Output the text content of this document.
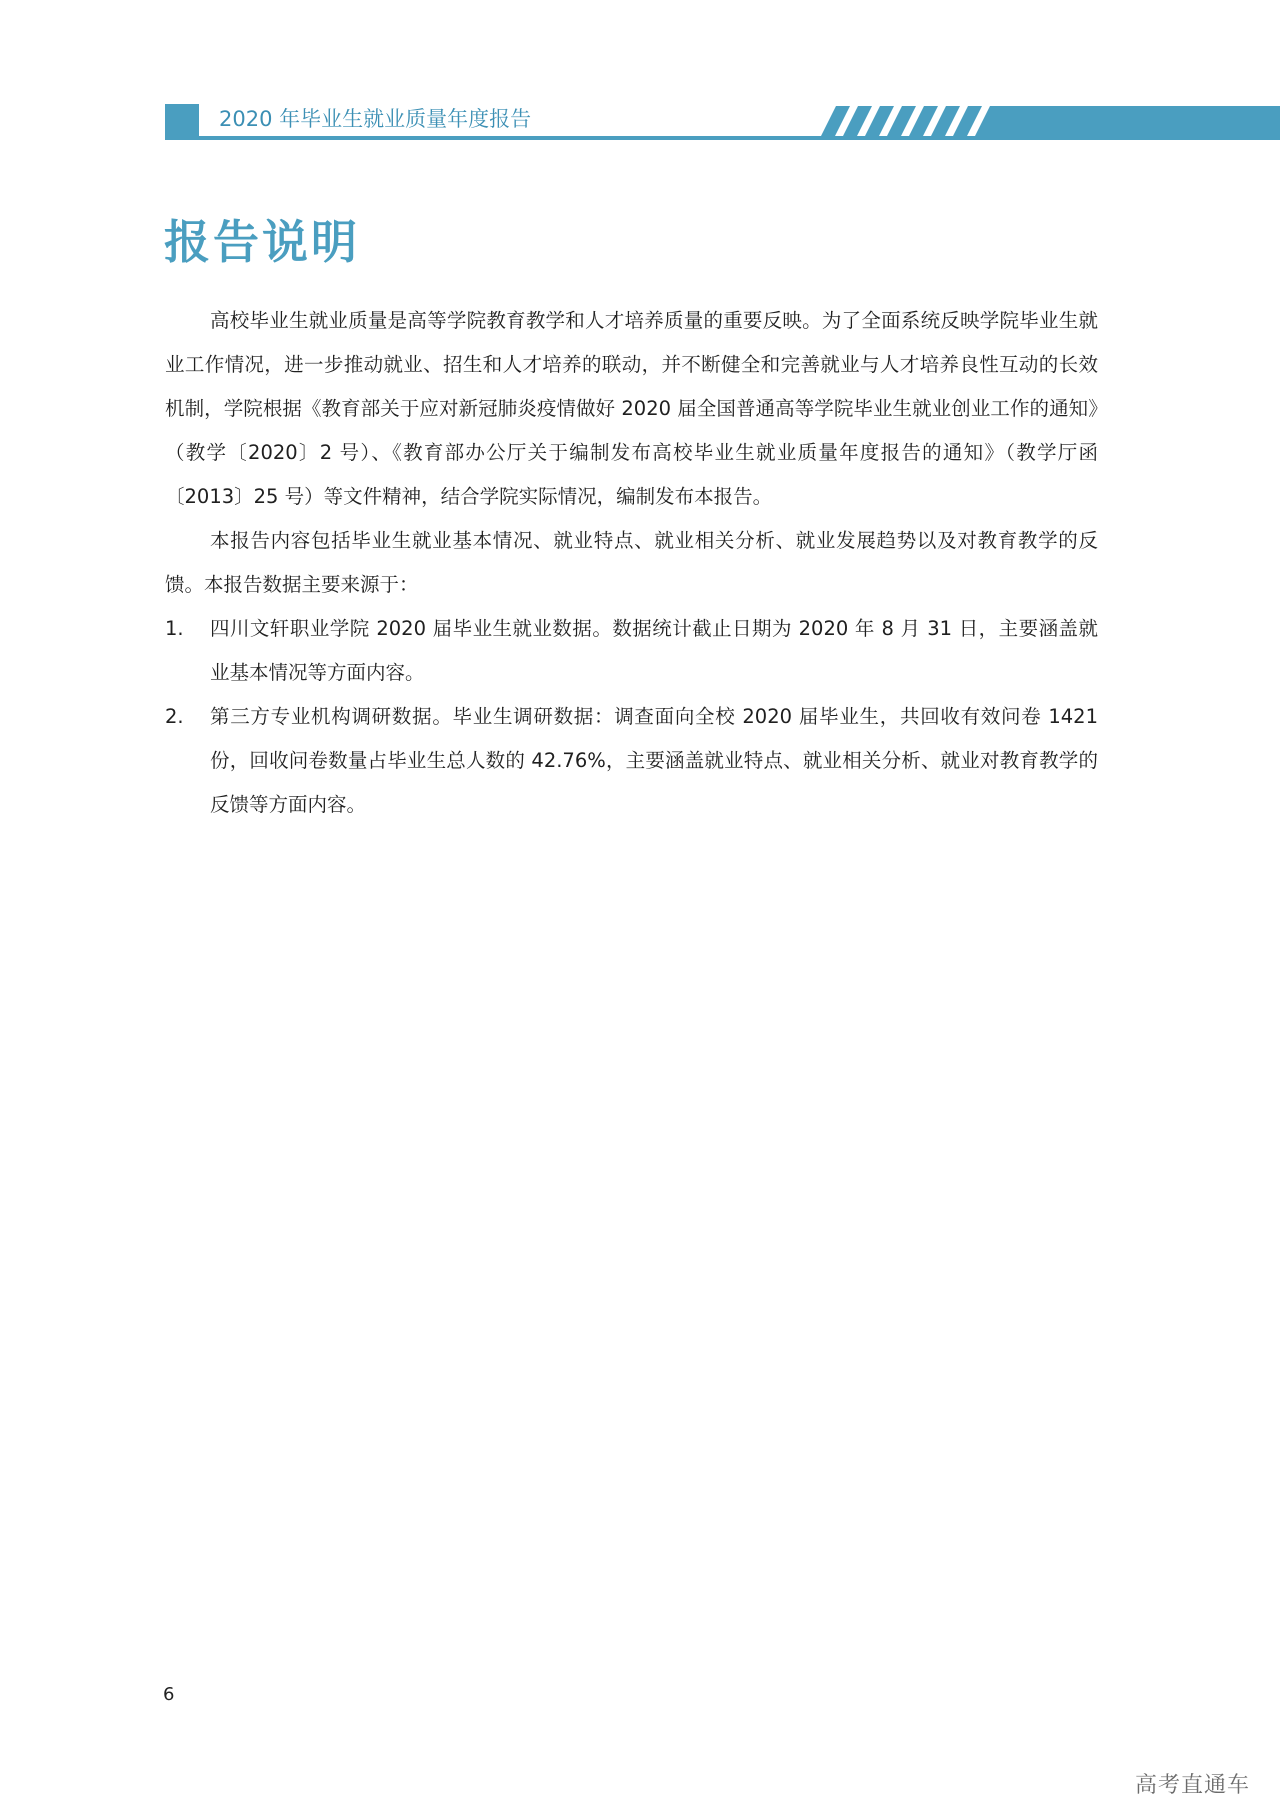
2020 年毕业生就业质量年度报告
报告说明

高校毕业生就业质量是高等学院教育教学和人才培养质量的重要反映。为了全面系统反映学院毕业生就业工作情况，进一步推动就业、招生和人才培养的联动，并不断健全和完善就业与人才培养良性互动的长效机制，学院根据《教育部关于应对新冠肺炎疫情做好 2020 届全国普通高等学院毕业生就业创业工作的通知》（教学〔2020〕2 号）、《教育部办公厅关于编制发布高校毕业生就业质量年度报告的通知》（教学厅函〔2013〕25 号）等文件精神，结合学院实际情况，编制发布本报告。

本报告内容包括毕业生就业基本情况、就业特点、就业相关分析、就业发展趋势以及对教育教学的反馈。本报告数据主要来源于：

1. 四川文轩职业学院 2020 届毕业生就业数据。数据统计截止日期为 2020 年 8 月 31 日，主要涵盖就业基本情况等方面内容。
2. 第三方专业机构调研数据。毕业生调研数据：调查面向全校 2020 届毕业生，共回收有效问卷 1421 份，回收问卷数量占毕业生总人数的 42.76%，主要涵盖就业特点、就业相关分析、就业对教育教学的反馈等方面内容。
6
高考直通车
